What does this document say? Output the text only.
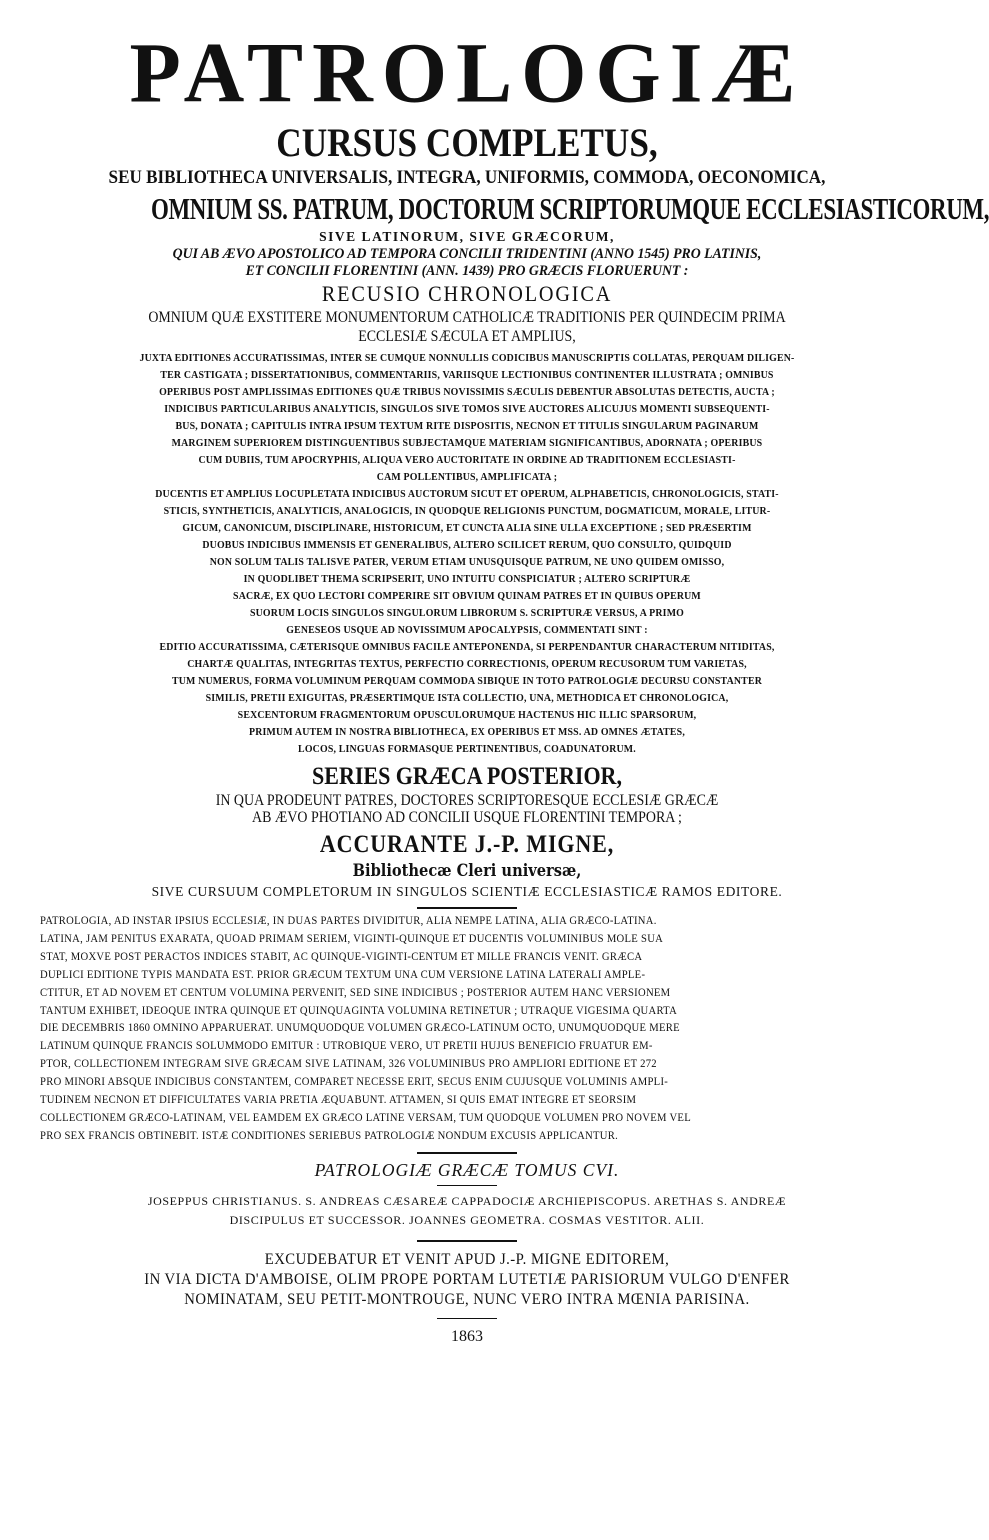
PATROLOGIÆ
CURSUS COMPLETUS,
SEU BIBLIOTHECA UNIVERSALIS, INTEGRA, UNIFORMIS, COMMODA, OECONOMICA,
OMNIUM SS. PATRUM, DOCTORUM SCRIPTORUMQUE ECCLESIASTICORUM,
SIVE LATINORUM, SIVE GRÆCORUM,
QUI AB ÆVO APOSTOLICO AD TEMPORA CONCILII TRIDENTINI (ANNO 1545) PRO LATINIS,
ET CONCILII FLORENTINI (ANN. 1439) PRO GRÆCIS FLORUERUNT :
RECUSIO CHRONOLOGICA
OMNIUM QUÆ EXSTITERE MONUMENTORUM CATHOLICÆ TRADITIONIS PER QUINDECIM PRIMA
ECCLESIÆ SÆCULA ET AMPLIUS,
JUXTA EDITIONES ACCURATISSIMAS, INTER SE CUMQUE NONNULLIS CODICIBUS MANUSCRIPTIS COLLATAS, PERQUAM DILIGEN-
TER CASTIGATA ; DISSERTATIONIBUS, COMMENTARIIS, VARIISQUE LECTIONIBUS CONTINENTER ILLUSTRATA ; OMNIBUS
OPERIBUS POST AMPLISSIMAS EDITIONES QUÆ TRIBUS NOVISSIMIS SÆCULIS DEBENTUR ABSOLUTAS DETECTIS, AUCTA ;
INDICIBUS PARTICULARIBUS ANALYTICIS, SINGULOS SIVE TOMOS SIVE AUCTORES ALICUJUS MOMENTI SUBSEQUENTI-
BUS, DONATA ; CAPITULIS INTRA IPSUM TEXTUM RITE DISPOSITIS, NECNON ET TITULIS SINGULARUM PAGINARUM
MARGINEM SUPERIOREM DISTINGUENTIBUS SUBJECTAMQUE MATERIAM SIGNIFICANTIBUS, ADORNATA ; OPERIBUS
CUM DUBIIS, TUM APOCRYPHIS, ALIQUA VERO AUCTORITATE IN ORDINE AD TRADITIONEM ECCLESIASTI-
CAM POLLENTIBUS, AMPLIFICATA ;
DUCENTIS ET AMPLIUS LOCUPLETATA INDICIBUS AUCTORUM SICUT ET OPERUM, ALPHABETICIS, CHRONOLOGICIS, STATI-
STICIS, SYNTHETICIS, ANALYTICIS, ANALOGICIS, IN QUODQUE RELIGIONIS PUNCTUM, DOGMATICUM, MORALE, LITUR-
GICUM, CANONICUM, DISCIPLINARE, HISTORICUM, ET CUNCTA ALIA SINE ULLA EXCEPTIONE ; SED PRÆSERTIM
DUOBUS INDICIBUS IMMENSIS ET GENERALIBUS, ALTERO SCILICET RERUM, QUO CONSULTO, QUIDQUID
NON SOLUM TALIS TALISVE PATER, VERUM ETIAM UNUSQUISQUE PATRUM, NE UNO QUIDEM OMISSO,
IN QUODLIBET THEMA SCRIPSERIT, UNO INTUITU CONSPICIATUR ; ALTERO SCRIPTURÆ
SACRÆ, EX QUO LECTORI COMPERIRE SIT OBVIUM QUINAM PATRES ET IN QUIBUS OPERUM
SUORUM LOCIS SINGULOS SINGULORUM LIBRORUM S. SCRIPTURÆ VERSUS, A PRIMO
GENESEOS USQUE AD NOVISSIMUM APOCALYPSIS, COMMENTATI SINT :
EDITIO ACCURATISSIMA, CÆTERISQUE OMNIBUS FACILE ANTEPONENDA, SI PERPENDANTUR CHARACTERUM NITIDITAS,
CHARTÆ QUALITAS, INTEGRITAS TEXTUS, PERFECTIO CORRECTIONIS, OPERUM RECUSORUM TUM VARIETAS,
TUM NUMERUS, FORMA VOLUMINUM PERQUAM COMMODA SIBIQUE IN TOTO PATROLOGIÆ DECURSU CONSTANTER
SIMILIS, PRETII EXIGUITAS, PRÆSERTIMQUE ISTA COLLECTIO, UNA, METHODICA ET CHRONOLOGICA,
SEXCENTORUM FRAGMENTORUM OPUSCULORUMQUE HACTENUS HIC ILLIC SPARSORUM,
PRIMUM AUTEM IN NOSTRA BIBLIOTHECA, EX OPERIBUS ET MSS. AD OMNES ÆTATES,
LOCOS, LINGUAS FORMASQUE PERTINENTIBUS, COADUNATORUM.
SERIES GRÆCA POSTERIOR,
IN QUA PRODEUNT PATRES, DOCTORES SCRIPTORESQUE ECCLESIÆ GRÆCÆ
AB ÆVO PHOTIANO AD CONCILII USQUE FLORENTINI TEMPORA ;
ACCURANTE J.-P. MIGNE,
Bibliothecæ Cleri universæ,
SIVE CURSUUM COMPLETORUM IN SINGULOS SCIENTIÆ ECCLESIASTICÆ RAMOS EDITORE.
PATROLOGIA, AD INSTAR IPSIUS ECCLESIÆ, IN DUAS PARTES DIVIDITUR, ALIA NEMPE LATINA, ALIA GRÆCO-LATINA.
LATINA, JAM PENITUS EXARATA, QUOAD PRIMAM SERIEM, VIGINTI-QUINQUE ET DUCENTIS VOLUMINIBUS MOLE SUA
STAT, MOXVE POST PERACTOS INDICES STABIT, AC QUINQUE-VIGINTI-CENTUM ET MILLE FRANCIS VENIT. GRÆCA
DUPLICI EDITIONE TYPIS MANDATA EST. PRIOR GRÆCUM TEXTUM UNA CUM VERSIONE LATINA LATERALI AMPLE-
CTITUR, ET AD NOVEM ET CENTUM VOLUMINA PERVENIT, SED SINE INDICIBUS ; POSTERIOR AUTEM HANC VERSIONEM
TANTUM EXHIBET, IDEOQUE INTRA QUINQUE ET QUINQUAGINTA VOLUMINA RETINETUR ; UTRAQUE VIGESIMA QUARTA
DIE DECEMBRIS 1860 OMNINO APPARUERAT. UNUMQUODQUE VOLUMEN GRÆCO-LATINUM OCTO, UNUMQUODQUE MERE
LATINUM QUINQUE FRANCIS SOLUMMODO EMITUR : UTROBIQUE VERO, UT PRETII HUJUS BENEFICIO FRUATUR EM-
PTOR, COLLECTIONEM INTEGRAM SIVE GRÆCAM SIVE LATINAM, 326 VOLUMINIBUS PRO AMPLIORI EDITIONE ET 272
PRO MINORI ABSQUE INDICIBUS CONSTANTEM, COMPARET NECESSE ERIT, SECUS ENIM CUJUSQUE VOLUMINIS AMPLI-
TUDINEM NECNON ET DIFFICULTATES VARIA PRETIA ÆQUABUNT. ATTAMEN, SI QUIS EMAT INTEGRE ET SEORSIM
COLLECTIONEM GRÆCO-LATINAM, VEL EAMDEM EX GRÆCO LATINE VERSAM, TUM QUODQUE VOLUMEN PRO NOVEM VEL
PRO SEX FRANCIS OBTINEBIT. ISTÆ CONDITIONES SERIEBUS PATROLOGIÆ NONDUM EXCUSIS APPLICANTUR.
PATROLOGIÆ GRÆCÆ TOMUS CVI.
JOSEPPUS CHRISTIANUS. S. ANDREAS CÆSAREÆ CAPPADOCIÆ ARCHIEPISCOPUS. ARETHAS S. ANDREÆ
DISCIPULUS ET SUCCESSOR. JOANNES GEOMETRA. COSMAS VESTITOR. ALII.
EXCUDEBATUR ET VENIT APUD J.-P. MIGNE EDITOREM,
IN VIA DICTA D'AMBOISE, OLIM PROPE PORTAM LUTETIÆ PARISIORUM VULGO D'ENFER
NOMINATAM, SEU PETIT-MONTROUGE, NUNC VERO INTRA MŒNIA PARISINA.
1863
